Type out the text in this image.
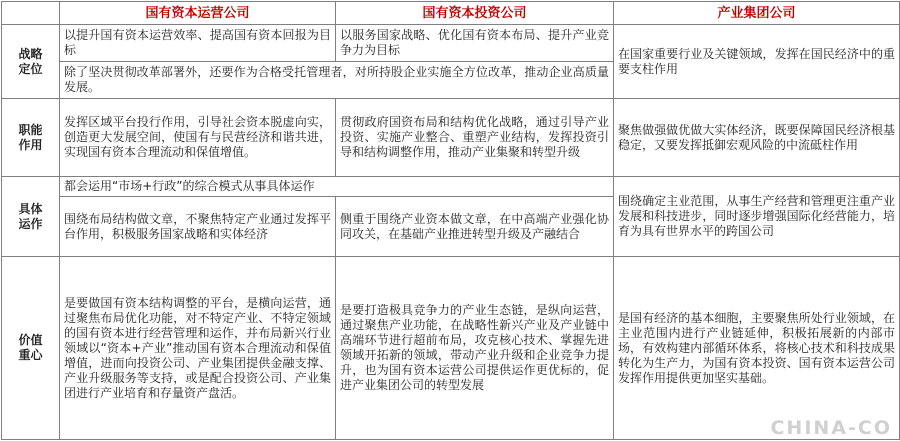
	国有资本运营公司	国有资本投资公司	产业集团公司
战略
定位	以提升国有资本运营效率、提高国有资本回报为目标	以服务国家战略、优化国有资本布局、提升产业竞争力为目标	在国家重要行业及关键领域，发挥在国民经济中的重要支柱作用
	除了坚决贯彻改革部署外，还要作为合格受托管理者，对所持股企业实施全方位改革，推动企业高质量发展。		
职能
作用	发挥区域平台投行作用，引导社会资本脱虚向实，创造更大发展空间，使国有与民营经济和谐共进，实现国有资本合理流动和保值增值。	贯彻政府国资布局和结构优化战略，通过引导产业投资、实施产业整合、重塑产业结构，发挥投资引导和结构调整作用，推动产业集聚和转型升级	聚焦做强做优做大实体经济，既要保障国民经济根基稳定，又要发挥抵御宏观风险的中流砥柱作用
具体
运作	都会运用“市场+行政”的综合模式从事具体运作		围绕确定主业范围，从事生产经营和管理更注重产业发展和科技进步，同时逐步增强国际化经营能力，培育为具有世界水平的跨国公司
	围绕布局结构做文章，不聚焦特定产业通过发挥平台作用，积极服务国家战略和实体经济	侧重于围绕产业资本做文章，在中高端产业强化协同攻关，在基础产业推进转型升级及产融结合	
价值
重心	是要做国有资本结构调整的平台，是横向运营，通过聚焦布局优化功能，对不特定产业、不特定领域的国有资本进行经营管理和运作，并布局新兴行业领域以“资本+产业”推动国有资本合理流动和保值增值，进而向投资公司、产业集团提供金融支撑、产业升级服务等支持，或是配合投资公司、产业集团进行产业培育和存量资产盘活。	是要打造极具竞争力的产业生态链，是纵向运营，通过聚焦产业功能，在战略性新兴产业及产业链中高端环节进行超前布局，攻克核心技术、掌握先进领域开拓新的领域，带动产业升级和企业竞争力提升，也为国有资本运营公司提供运作更优标的，促进产业集团公司的转型发展	是国有经济的基本细胞，主要聚焦所处行业领域，在主业范围内进行产业链延伸，积极拓展新的内部市场，有效构建内部循环体系，将核心技术和科技成果转化为生产力，为国有资本投资、国有资本运营公司发挥作用提供更加坚实基础。
CHINA-CO
